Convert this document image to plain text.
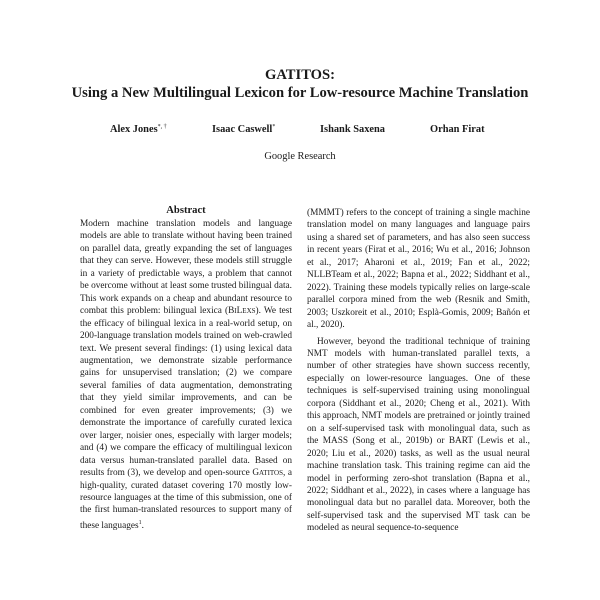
GATITOS:

Using a New Multilingual Lexicon for Low-resource Machine Translation

Alex Jones*, †	Isaac Caswell*	Ishank Saxena	Orhan Firat
Google Research

Abstract

Modern machine translation models and language models are able to translate without having been trained on parallel data, greatly expanding the set of languages that they can serve. However, these models still struggle in a variety of predictable ways, a problem that cannot be overcome without at least some trusted bilingual data. This work expands on a cheap and abundant resource to combat this problem: bilingual lexica (BiLexs). We test the efficacy of bilingual lexica in a real-world setup, on 200-language translation models trained on web-crawled text. We present several findings: (1) using lexical data augmentation, we demonstrate sizable performance gains for unsupervised translation; (2) we compare several families of data augmentation, demonstrating that they yield similar improvements, and can be combined for even greater improvements; (3) we demonstrate the importance of carefully curated lexica over larger, noisier ones, especially with larger models; and (4) we compare the efficacy of multilingual lexicon data versus human-translated parallel data. Based on results from (3), we develop and open-source Gatitos, a high-quality, curated dataset covering 170 mostly low-resource languages at the time of this submission, one of the first human-translated resources to support many of these languages$^1$.

(MMMT) refers to the concept of training a single machine translation model on many languages and language pairs using a shared set of parameters, and has also seen success in recent years (Firat et al., 2016; Wu et al., 2016; Johnson et al., 2017; Aharoni et al., 2019; Fan et al., 2022; NLLBTeam et al., 2022; Bapna et al., 2022; Siddhant et al., 2022). Training these models typically relies on large-scale parallel corpora mined from the web (Resnik and Smith, 2003; Uszkoreit et al., 2010; Esplà-Gomis, 2009; Bañón et al., 2020).

However, beyond the traditional technique of training NMT models with human-translated parallel texts, a number of other strategies have shown success recently, especially on lower-resource languages. One of these techniques is self-supervised training using monolingual corpora (Siddhant et al., 2020; Cheng et al., 2021). With this approach, NMT models are pretrained or jointly trained on a self-supervised task with monolingual data, such as the MASS (Song et al., 2019b) or BART (Lewis et al., 2020; Liu et al., 2020) tasks, as well as the usual neural machine translation task. This training regime can aid the model in performing zero-shot translation (Bapna et al., 2022; Siddhant et al., 2022), in cases where a language has monolingual data but no parallel data. Moreover, both the self-supervised task and the supervised MT task can be modeled as neural sequence-to-sequence
